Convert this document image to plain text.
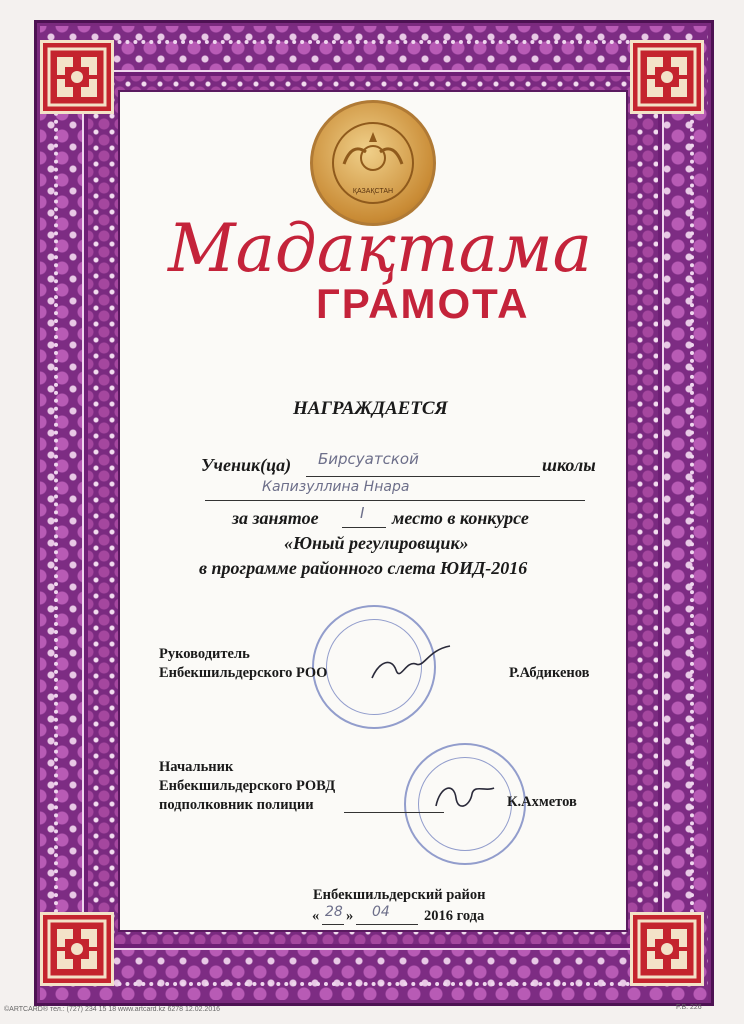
ҚАЗАҚСТАН
Мадақтама
ГРАМОТА
НАГРАЖДАЕТСЯ
Ученик(ца) Бирсуатской	школы
Капизуллина Ннара
за занятое	I место в конкурсе
«Юный регулировщик»
в программе районного слета ЮИД-2016
Руководитель
Енбекшильдерского РОО	Р.Абдикенов
Начальник
Енбекшильдерского РОВД
подполковник полиции	К.Ахметов
Енбекшильдерский район
« 28 » 04 2016 года
©ARTCARD® тел.: (727) 234 15 18 www.artcard.kz 6278 12.02.2016	F.B. 226
